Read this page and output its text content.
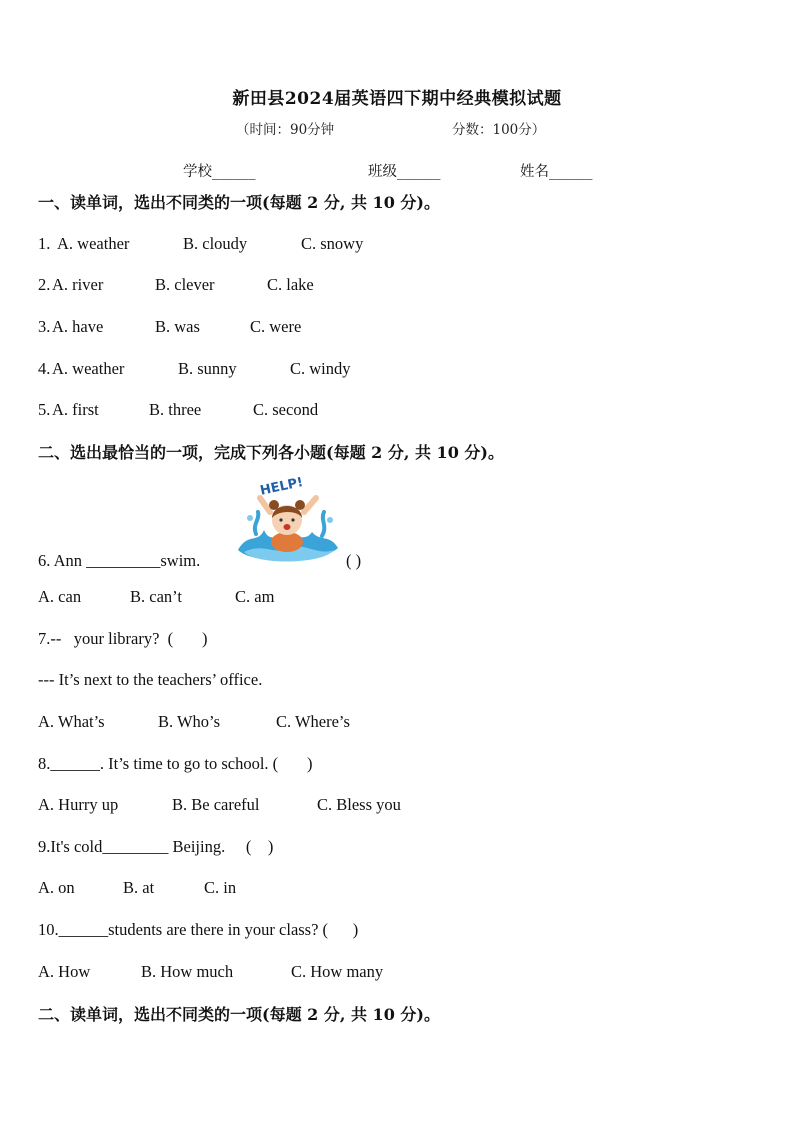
新田县2024届英语四下期中经典模拟试题
（时间：90分钟	分数：100分）
学校______	班级______	姓名______
一、读单词，选出不同类的一项(每题 2 分, 共 10 分)。
1. A. weather	B. cloudy	C. snowy
2. A. river	B. clever	C. lake
3. A. have	B. was	C. were
4. A. weather	B. sunny	C. windy
5. A. first	B. three	C. second
二、选出最恰当的一项，完成下列各小题(每题 2 分, 共 10 分)。
HELP!
6. Ann _________swim.	( )
A. can	B. can’t	C. am
7.--   your library?  (       )
--- It’s next to the teachers’ office.
A. What’s	B. Who’s	C. Where’s
8.______. It’s time to go to school. (       )
A. Hurry up	B. Be careful	C. Bless you
9.It's cold________ Beijing.     (    )
A. on	B. at	C. in
10.______students are there in your class? (      )
A. How	B. How much	C. How many
二、读单词，选出不同类的一项(每题 2 分, 共 10 分)。
